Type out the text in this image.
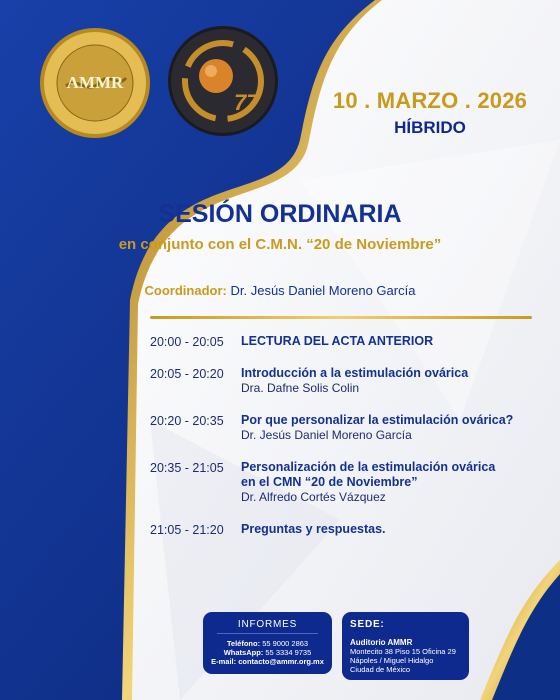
AMMR
77	10 . MARZO . 2026
HÍBRIDO
SESIÓN ORDINARIA
en conjunto con el C.M.N. “20 de Noviembre”
Coordinador: Dr. Jesús Daniel Moreno García
20:00 - 20:05	LECTURA DEL ACTA ANTERIOR
20:05 - 20:20	Introducción a la estimulación ovárica
Dra. Dafne Solis Colin
20:20 - 20:35	Por que personalizar la estimulación ovárica?
Dr. Jesús Daniel Moreno García
20:35 - 21:05	Personalización de la estimulación ovárica
en el CMN “20 de Noviembre”
Dr. Alfredo Cortés Vázquez
21:05 - 21:20	Preguntas y respuestas.
INFORMES
Teléfono: 55 9000 2863
WhatsApp: 55 3334 9735
E-mail: contacto@ammr.org.mx
SEDE:
Auditorio AMMR
Montecito 38 Piso 15 Oficina 29
Nápoles / Miguel Hidalgo
Ciudad de México
